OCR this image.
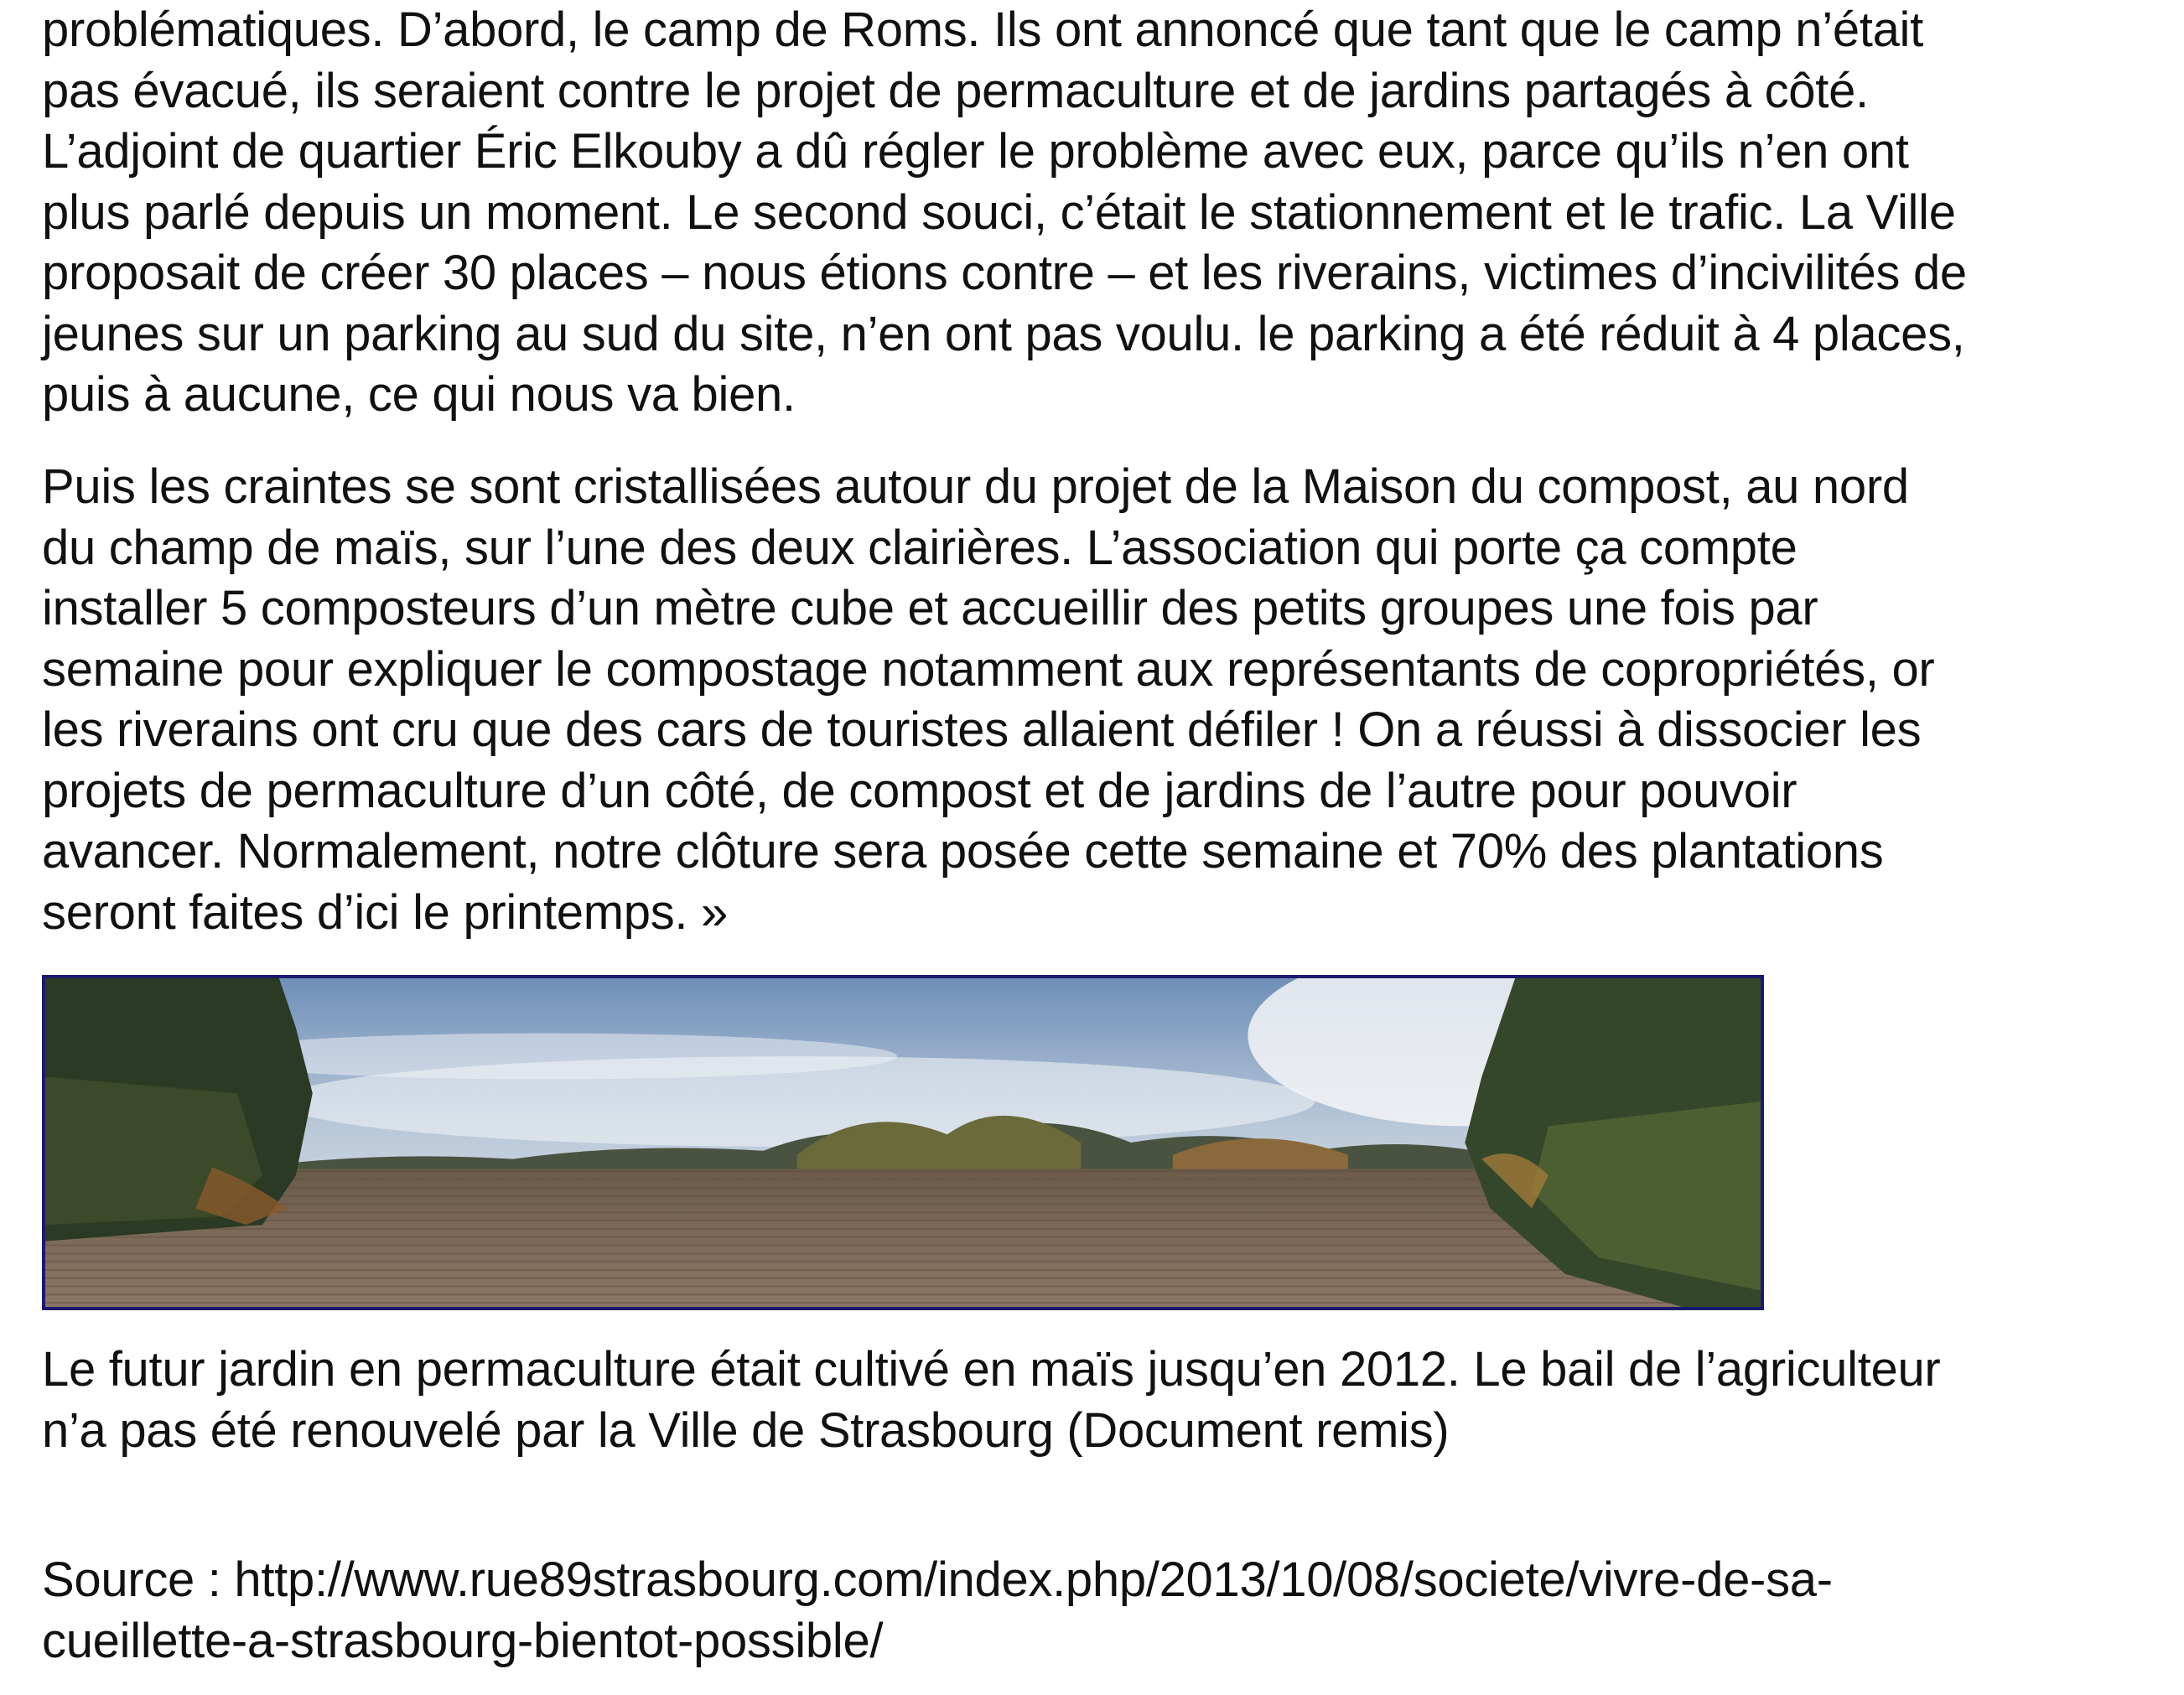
problématiques. D’abord, le camp de Roms. Ils ont annoncé que tant que le camp n’était
pas évacué, ils seraient contre le projet de permaculture et de jardins partagés à côté.
L’adjoint de quartier Éric Elkouby a dû régler le problème avec eux, parce qu’ils n’en ont
plus parlé depuis un moment. Le second souci, c’était le stationnement et le trafic. La Ville
proposait de créer 30 places – nous étions contre – et les riverains, victimes d’incivilités de
jeunes sur un parking au sud du site, n’en ont pas voulu. le parking a été réduit à 4 places,
puis à aucune, ce qui nous va bien.

Puis les craintes se sont cristallisées autour du projet de la Maison du compost, au nord
du champ de maïs, sur l’une des deux clairières. L’association qui porte ça compte
installer 5 composteurs d’un mètre cube et accueillir des petits groupes une fois par
semaine pour expliquer le compostage notamment aux représentants de copropriétés, or
les riverains ont cru que des cars de touristes allaient défiler ! On a réussi à dissocier les
projets de permaculture d’un côté, de compost et de jardins de l’autre pour pouvoir
avancer. Normalement, notre clôture sera posée cette semaine et 70% des plantations
seront faites d’ici le printemps. »

Le futur jardin en permaculture était cultivé en maïs jusqu’en 2012. Le bail de l’agriculteur
n’a pas été renouvelé par la Ville de Strasbourg (Document remis)

Source : http://www.rue89strasbourg.com/index.php/2013/10/08/societe/vivre-de-sa-
cueillette-a-strasbourg-bientot-possible/
